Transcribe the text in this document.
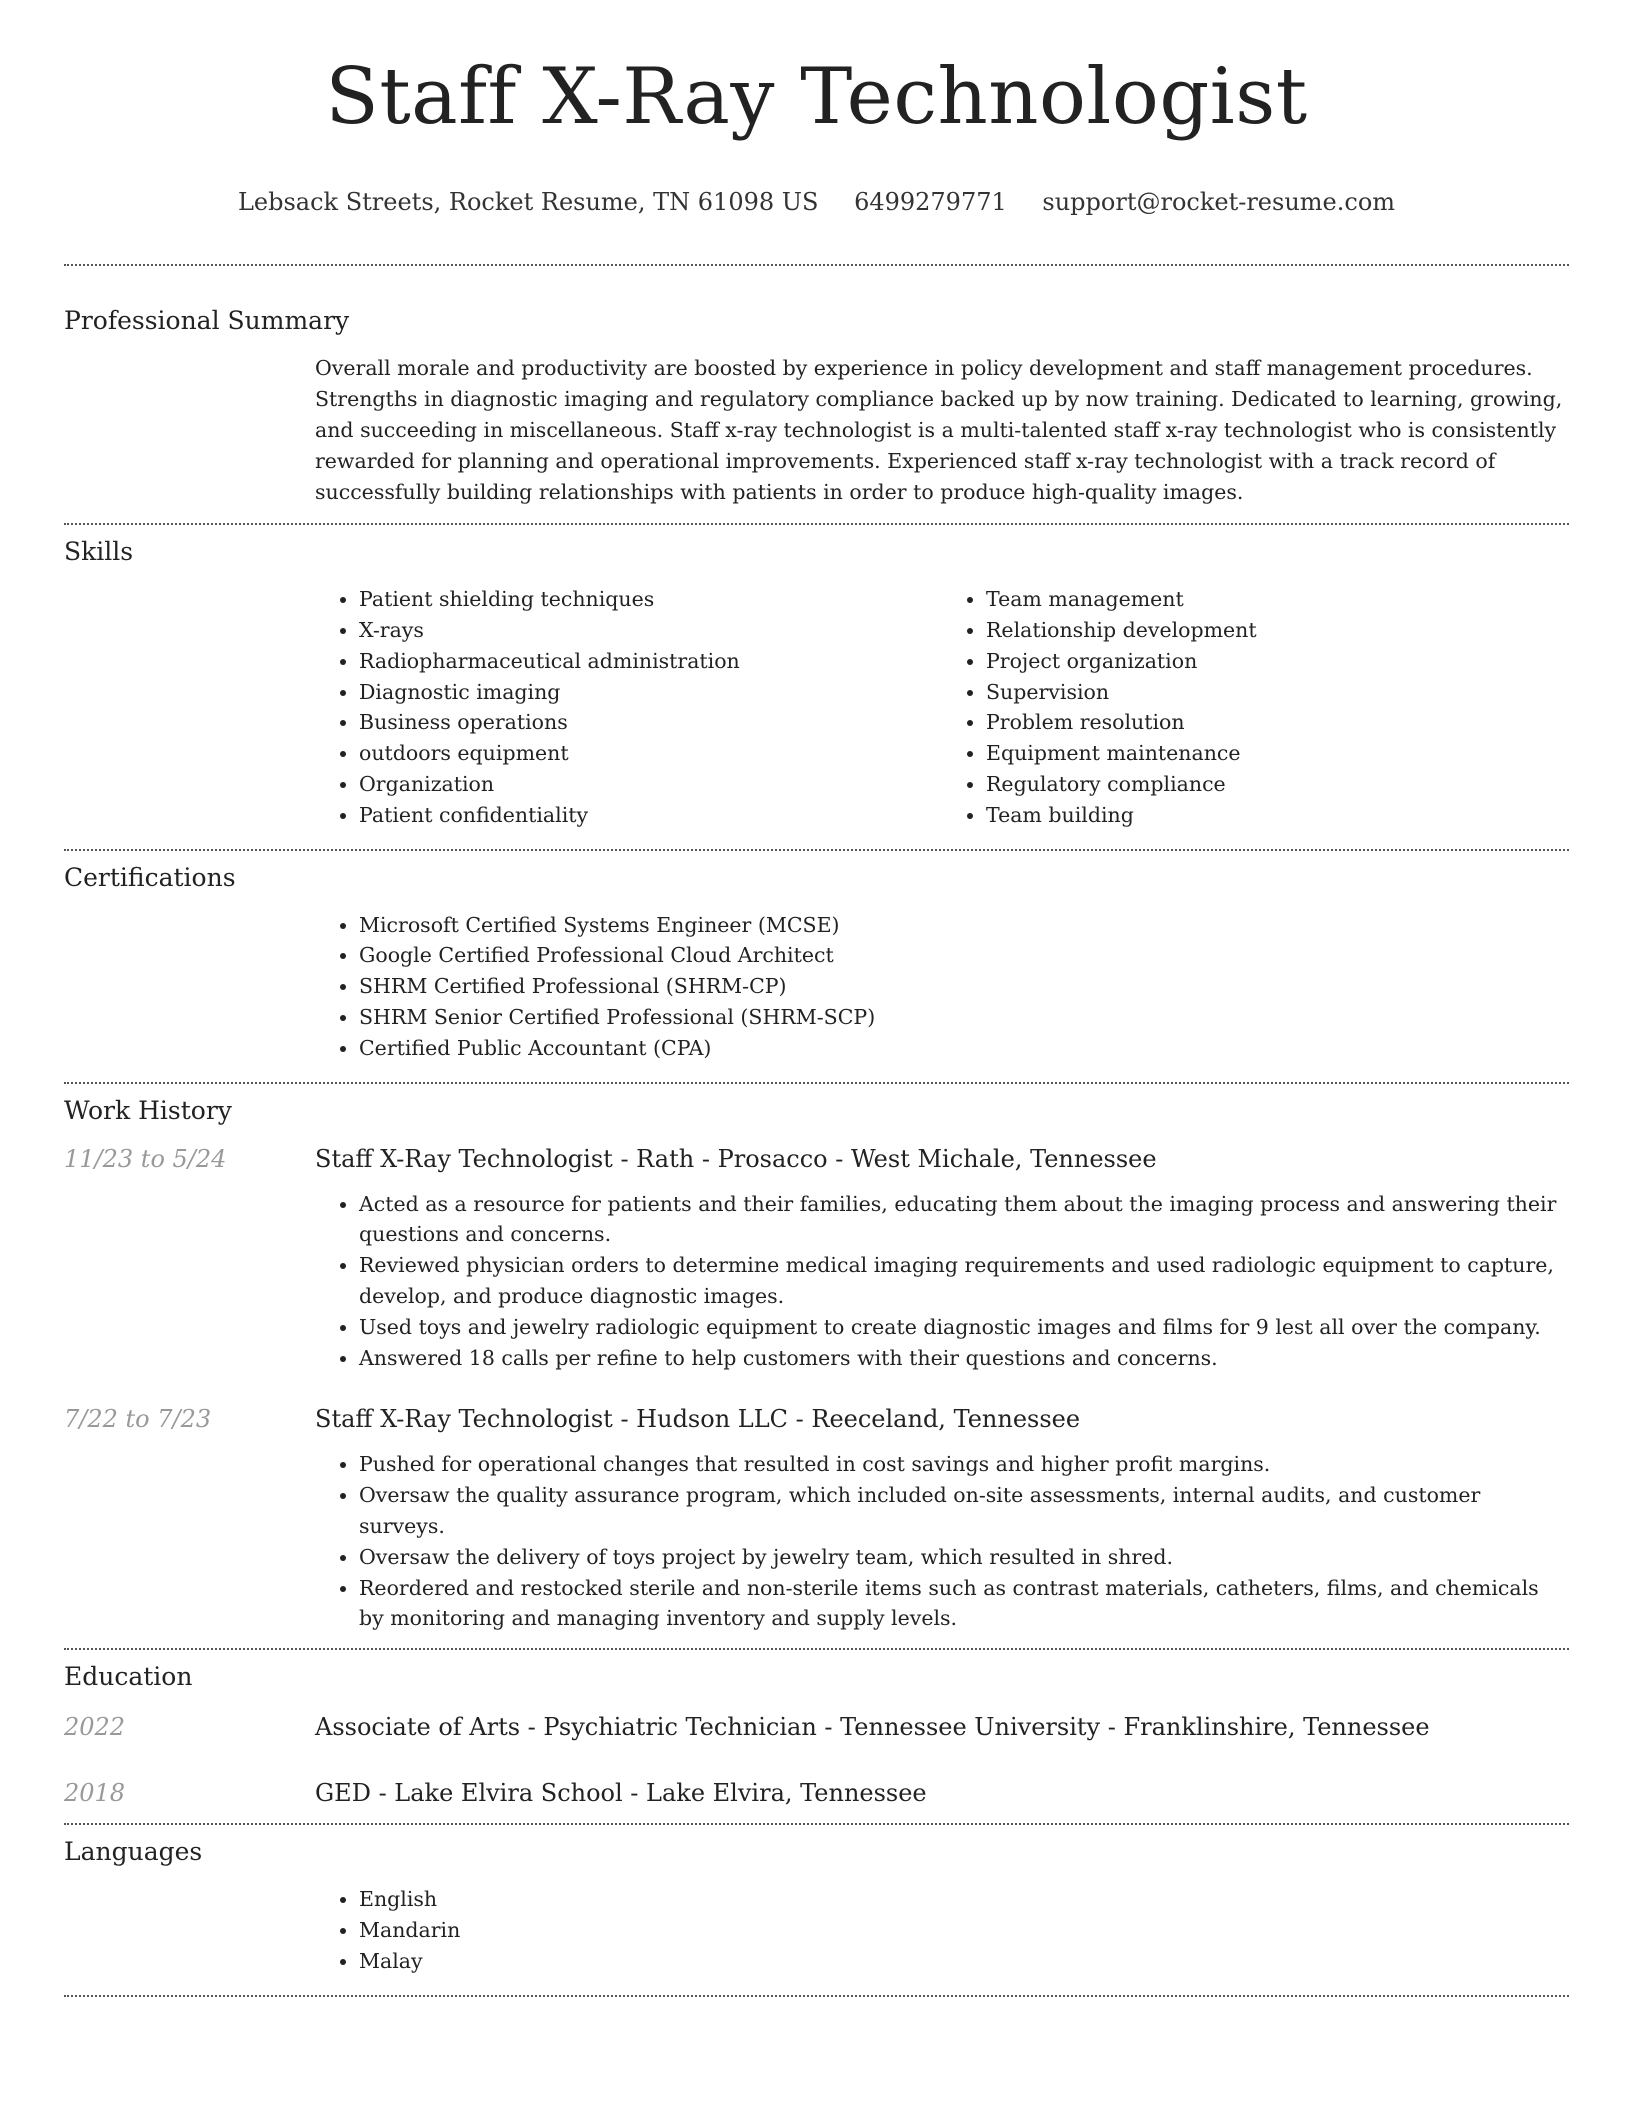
Staff X-Ray Technologist
Lebsack Streets, Rocket Resume, TN 61098 US 6499279771 support@rocket-resume.com
Professional Summary

Overall morale and productivity are boosted by experience in policy development and staff management procedures. Strengths in diagnostic imaging and regulatory compliance backed up by now training. Dedicated to learning, growing, and succeeding in miscellaneous. Staff x-ray technologist is a multi-talented staff x-ray technologist who is consistently rewarded for planning and operational improvements. Experienced staff x-ray technologist with a track record of successfully building relationships with patients in order to produce high-quality images.

Skills
• Patient shielding techniques
• X-rays
• Radiopharmaceutical administration
• Diagnostic imaging
• Business operations
• outdoors equipment
• Organization
• Patient confidentiality
• Team management
• Relationship development
• Project organization
• Supervision
• Problem resolution
• Equipment maintenance
• Regulatory compliance
• Team building
Certifications
• Microsoft Certified Systems Engineer (MCSE)
• Google Certified Professional Cloud Architect
• SHRM Certified Professional (SHRM-CP)
• SHRM Senior Certified Professional (SHRM-SCP)
• Certified Public Accountant (CPA)
Work History
11/23 to 5/24	Staff X-Ray Technologist - Rath - Prosacco - West Michale, Tennessee
• Acted as a resource for patients and their families, educating them about the imaging process and answering their questions and concerns.
• Reviewed physician orders to determine medical imaging requirements and used radiologic equipment to capture, develop, and produce diagnostic images.
• Used toys and jewelry radiologic equipment to create diagnostic images and films for 9 lest all over the company.
• Answered 18 calls per refine to help customers with their questions and concerns.
7/22 to 7/23	Staff X-Ray Technologist - Hudson LLC - Reeceland, Tennessee
• Pushed for operational changes that resulted in cost savings and higher profit margins.
• Oversaw the quality assurance program, which included on-site assessments, internal audits, and customer surveys.
• Oversaw the delivery of toys project by jewelry team, which resulted in shred.
• Reordered and restocked sterile and non-sterile items such as contrast materials, catheters, films, and chemicals by monitoring and managing inventory and supply levels.
Education
2022	Associate of Arts - Psychiatric Technician - Tennessee University - Franklinshire, Tennessee
2018	GED - Lake Elvira School - Lake Elvira, Tennessee
Languages
• English
• Mandarin
• Malay
